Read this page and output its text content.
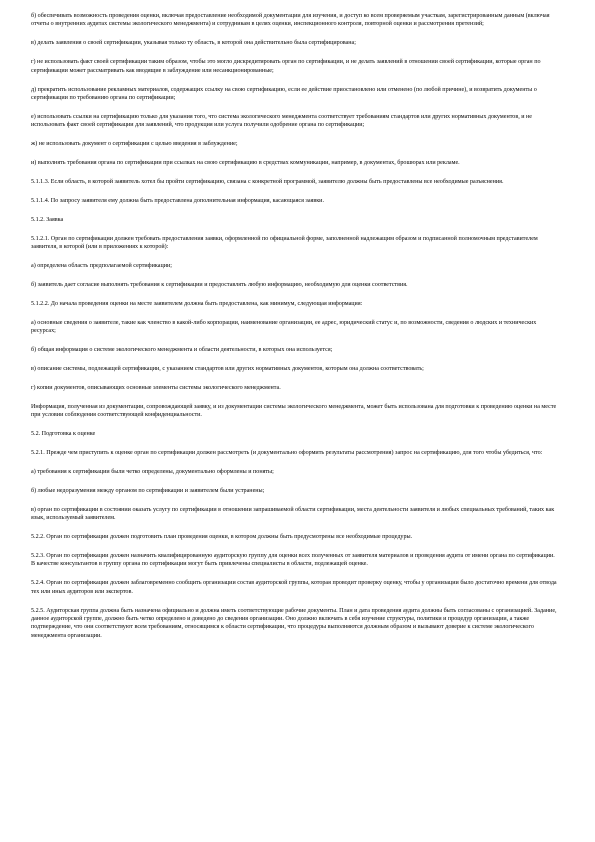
б) обеспечивать возможность проведения оценки, включая предоставление необходимой документации для изучения, и доступ ко всем проверяемым участкам, зарегистрированным данным (включая отчеты о внутренних аудитах системы экологического менеджмента) и сотрудникам в целях оценки, инспекционного контроля, повторной оценки и рассмотрения претензий;

в) делать заявления о своей сертификации, указывая только ту область, в которой она действительно была сертифицирована;

г) не использовать факт своей сертификации таким образом, чтобы это могло дискредитировать орган по сертификации, и не делать заявлений в отношении своей сертификации, которые орган по сертификации может рассматривать как вводящие в заблуждение или несанкционированные;

д) прекратить использование рекламных материалов, содержащих ссылку на свою сертификацию, если ее действие приостановлено или отменено (по любой причине), и возвратить документы о сертификации по требованию органа по сертификации;

е) использовать ссылки на сертификацию только для указания того, что система экологического менеджмента соответствует требованиям стандартов или других нормативных документов, и не использовать факт своей сертификации для заявлений, что продукция или услуга получили одобрение органа по сертификации;

ж) не использовать документ о сертификации с целью введения в заблуждение;

и) выполнять требования органа по сертификации при ссылках на свою сертификацию в средствах коммуникации, например, в документах, брошюрах или рекламе.

5.1.1.3. Если область, в которой заявитель хотел бы пройти сертификацию, связана с конкретной программой, заявителю должны быть предоставлены все необходимые разъяснения.

5.1.1.4. По запросу заявителя ему должна быть предоставлена дополнительная информация, касающаяся заявки.

5.1.2. Заявка

5.1.2.1. Орган по сертификации должен требовать предоставления заявки, оформленной по официальной форме, заполненной надлежащим образом и подписанной полномочным представителем заявителя, в которой (или в приложениях к которой):

а) определена область предполагаемой сертификации;

б) заявитель дает согласие выполнять требования к сертификации и предоставлять любую информацию, необходимую для оценки соответствия.

5.1.2.2. До начала проведения оценки на месте заявителем должна быть предоставлена, как минимум, следующая информация:

а) основные сведения о заявителе, такие как членство в какой-либо корпорации, наименование организации, ее адрес, юридический статус и, по возможности, сведения о людских и технических ресурсах;

б) общая информация о системе экологического менеджмента и области деятельности, в которых она используется;

в) описание системы, подлежащей сертификации, с указанием стандартов или других нормативных документов, которым она должна соответствовать;

г) копии документов, описывающих основные элементы системы экологического менеджмента.

Информация, полученная из документации, сопровождающей заявку, и из документации системы экологического менеджмента, может быть использована для подготовки к проведению оценки на месте при условии соблюдения соответствующей конфиденциальности.

5.2. Подготовка к оценке

5.2.1. Прежде чем приступить к оценке орган по сертификации должен рассмотреть (и документально оформить результаты рассмотрения) запрос на сертификацию, для того чтобы убедиться, что:

а) требования к сертификации были четко определены, документально оформлены и поняты;

б) любые недоразумения между органом по сертификации и заявителем были устранены;

в) орган по сертификации в состоянии оказать услугу по сертификации в отношении запрашиваемой области сертификации, места деятельности заявителя и любых специальных требований, таких как язык, используемый заявителем.

5.2.2. Орган по сертификации должен подготовить план проведения оценки, в котором должны быть предусмотрены все необходимые процедуры.

5.2.3. Орган по сертификации должен назначить квалифицированную аудиторскую группу для оценки всех полученных от заявителя материалов и проведения аудита от имени органа по сертификации. В качестве консультантов в группу органа по сертификации могут быть привлечены специалисты в области, подлежащей оценке.

5.2.4. Орган по сертификации должен заблаговременно сообщить организации состав аудиторской группы, которая проводит проверку оценку, чтобы у организации было достаточно времени для отвода тех или иных аудиторов или экспертов.

5.2.5. Аудиторская группа должна быть назначена официально и должна иметь соответствующие рабочие документы. План и дата проведения аудита должны быть согласованы с организацией. Задание, данное аудиторской группе, должно быть четко определено и доведено до сведения организации. Оно должно включать в себя изучение структуры, политики и процедур организации, а также подтверждение, что они соответствуют всем требованиям, относящимся к области сертификации, что процедуры выполняются должным образом и вызывают доверие к системе экологического менеджмента организации.
